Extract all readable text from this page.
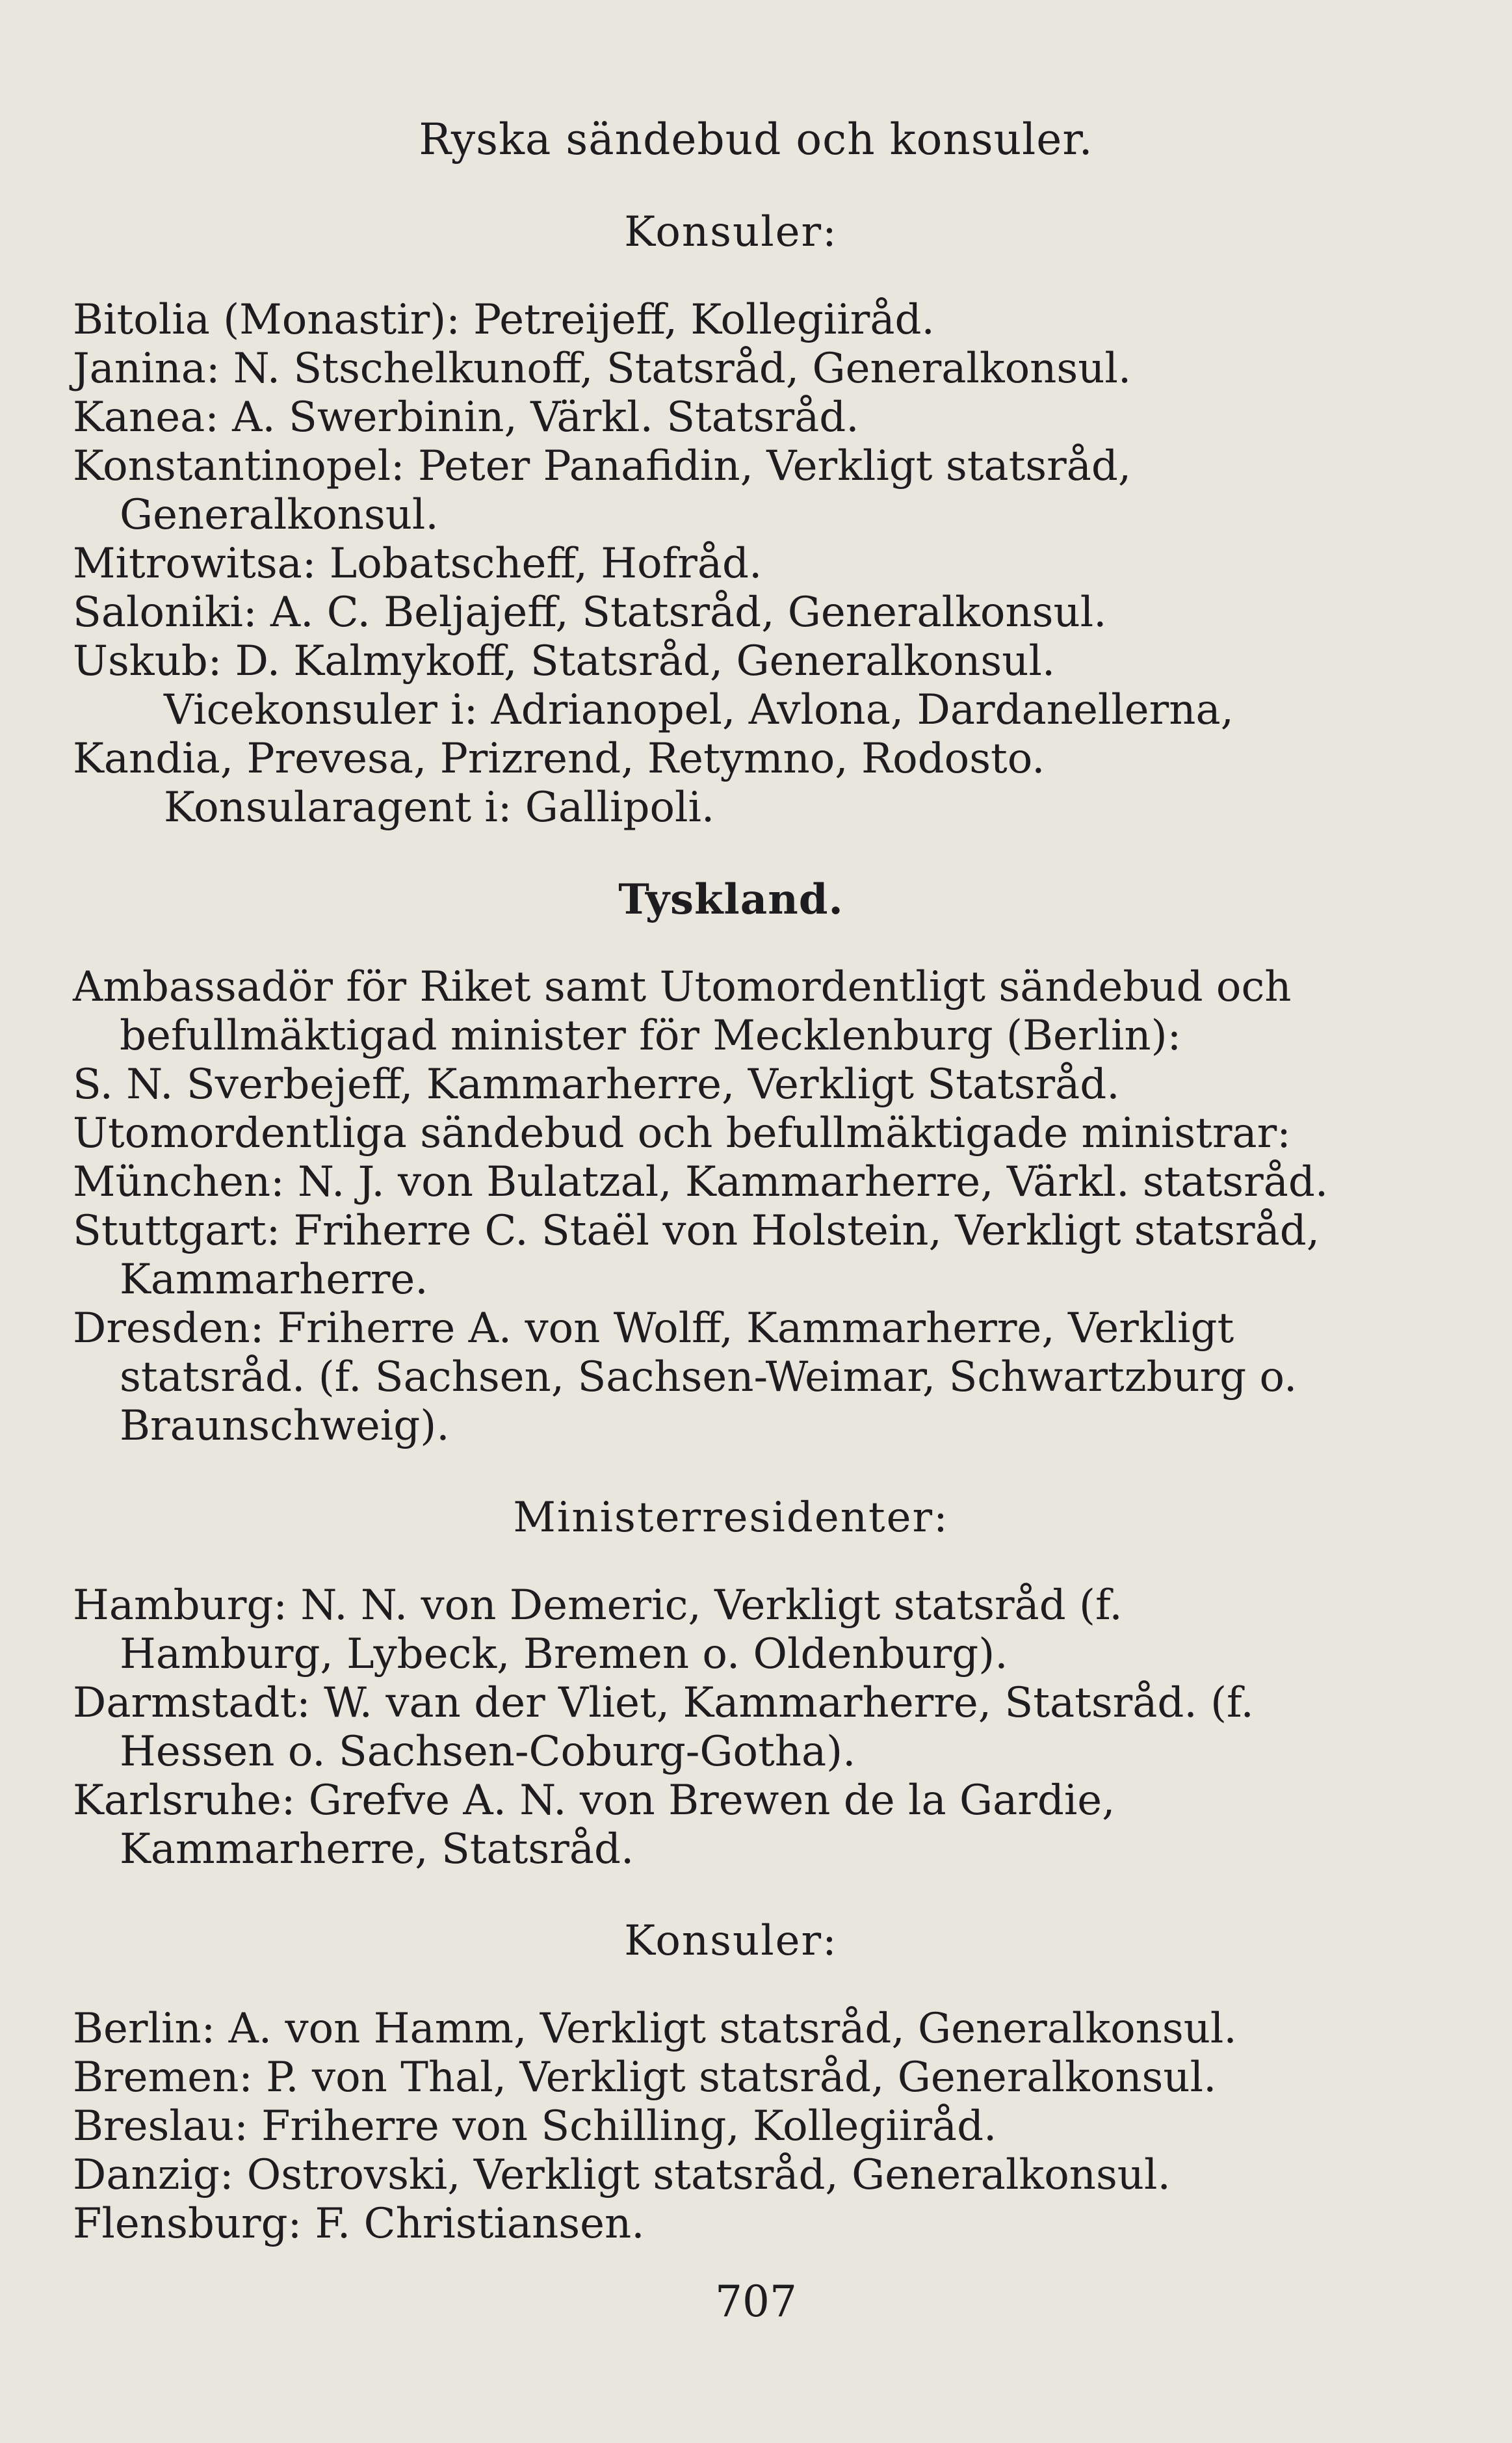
Ryska sändebud och konsuler.

Konsuler:

Bitolia (Monastir): Petreijeff, Kollegiiråd.

Janina: N. Stschelkunoff, Statsråd, Generalkonsul.

Kanea: A. Swerbinin, Värkl. Statsråd.

Konstantinopel: Peter Panafidin, Verkligt statsråd, Generalkonsul.

Mitrowitsa: Lobatscheff, Hofråd.

Saloniki: A. C. Beljajeff, Statsråd, Generalkonsul.

Uskub: D. Kalmykoff, Statsråd, Generalkonsul.

Vicekonsuler i: Adrianopel, Avlona, Dardanellerna, Kandia, Prevesa, Prizrend, Retymno, Rodosto.

Konsularagent i: Gallipoli.

Tyskland.

Ambassadör för Riket samt Utomordentligt sändebud och befullmäktigad minister för Mecklenburg (Berlin):

S. N. Sverbejeff, Kammarherre, Verkligt Statsråd.

Utomordentliga sändebud och befullmäktigade ministrar:

München: N. J. von Bulatzal, Kammarherre, Värkl. statsråd.

Stuttgart: Friherre C. Staël von Holstein, Verkligt statsråd, Kammarherre.

Dresden: Friherre A. von Wolff, Kammarherre, Verkligt statsråd. (f. Sachsen, Sachsen-Weimar, Schwartzburg o. Braunschweig).

Ministerresidenter:

Hamburg: N. N. von Demeric, Verkligt statsråd (f. Hamburg, Lybeck, Bremen o. Oldenburg).

Darmstadt: W. van der Vliet, Kammarherre, Statsråd. (f. Hessen o. Sachsen-Coburg-Gotha).

Karlsruhe: Grefve A. N. von Brewen de la Gardie, Kammarherre, Statsråd.

Konsuler:

Berlin: A. von Hamm, Verkligt statsråd, Generalkonsul.

Bremen: P. von Thal, Verkligt statsråd, Generalkonsul.

Breslau: Friherre von Schilling, Kollegiiråd.

Danzig: Ostrovski, Verkligt statsråd, Generalkonsul.

Flensburg: F. Christiansen.

707
